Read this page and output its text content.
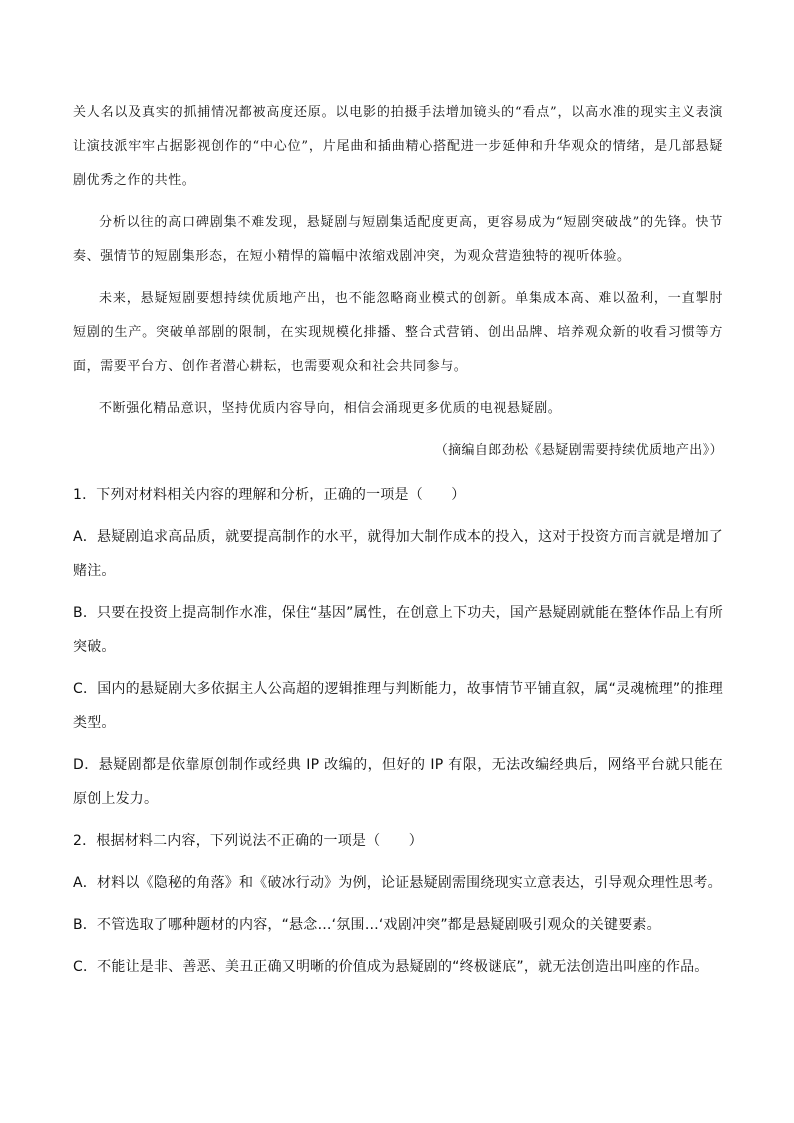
关人名以及真实的抓捕情况都被高度还原。以电影的拍摄手法增加镜头的“看点”，以高水准的现实主义表演让演技派牢牢占据影视创作的“中心位”，片尾曲和插曲精心搭配进一步延伸和升华观众的情绪，是几部悬疑剧优秀之作的共性。

分析以往的高口碑剧集不难发现，悬疑剧与短剧集适配度更高，更容易成为“短剧突破战”的先锋。快节奏、强情节的短剧集形态，在短小精悍的篇幅中浓缩戏剧冲突，为观众营造独特的视听体验。

未来，悬疑短剧要想持续优质地产出，也不能忽略商业模式的创新。单集成本高、难以盈利，一直掣肘短剧的生产。突破单部剧的限制，在实现规模化排播、整合式营销、创出品牌、培养观众新的收看习惯等方面，需要平台方、创作者潜心耕耘，也需要观众和社会共同参与。

不断强化精品意识，坚持优质内容导向，相信会涌现更多优质的电视悬疑剧。

（摘编自郎劲松《悬疑剧需要持续优质地产出》）

1．下列对材料相关内容的理解和分析，正确的一项是（　　）

A．悬疑剧追求高品质，就要提高制作的水平，就得加大制作成本的投入，这对于投资方而言就是增加了赌注。

B．只要在投资上提高制作水准，保住“基因”属性，在创意上下功夫，国产悬疑剧就能在整体作品上有所突破。

C．国内的悬疑剧大多依据主人公高超的逻辑推理与判断能力，故事情节平铺直叙，属“灵魂梳理”的推理类型。

D．悬疑剧都是依靠原创制作或经典 IP 改编的，但好的 IP 有限，无法改编经典后，网络平台就只能在原创上发力。

2．根据材料二内容，下列说法不正确的一项是（　　）

A．材料以《隐秘的角落》和《破冰行动》为例，论证悬疑剧需围绕现实立意表达，引导观众理性思考。

B．不管选取了哪种题材的内容，“悬念…‘氛围…‘戏剧冲突”都是悬疑剧吸引观众的关键要素。

C．不能让是非、善恶、美丑正确又明晰的价值成为悬疑剧的“终极谜底”，就无法创造出叫座的作品。
